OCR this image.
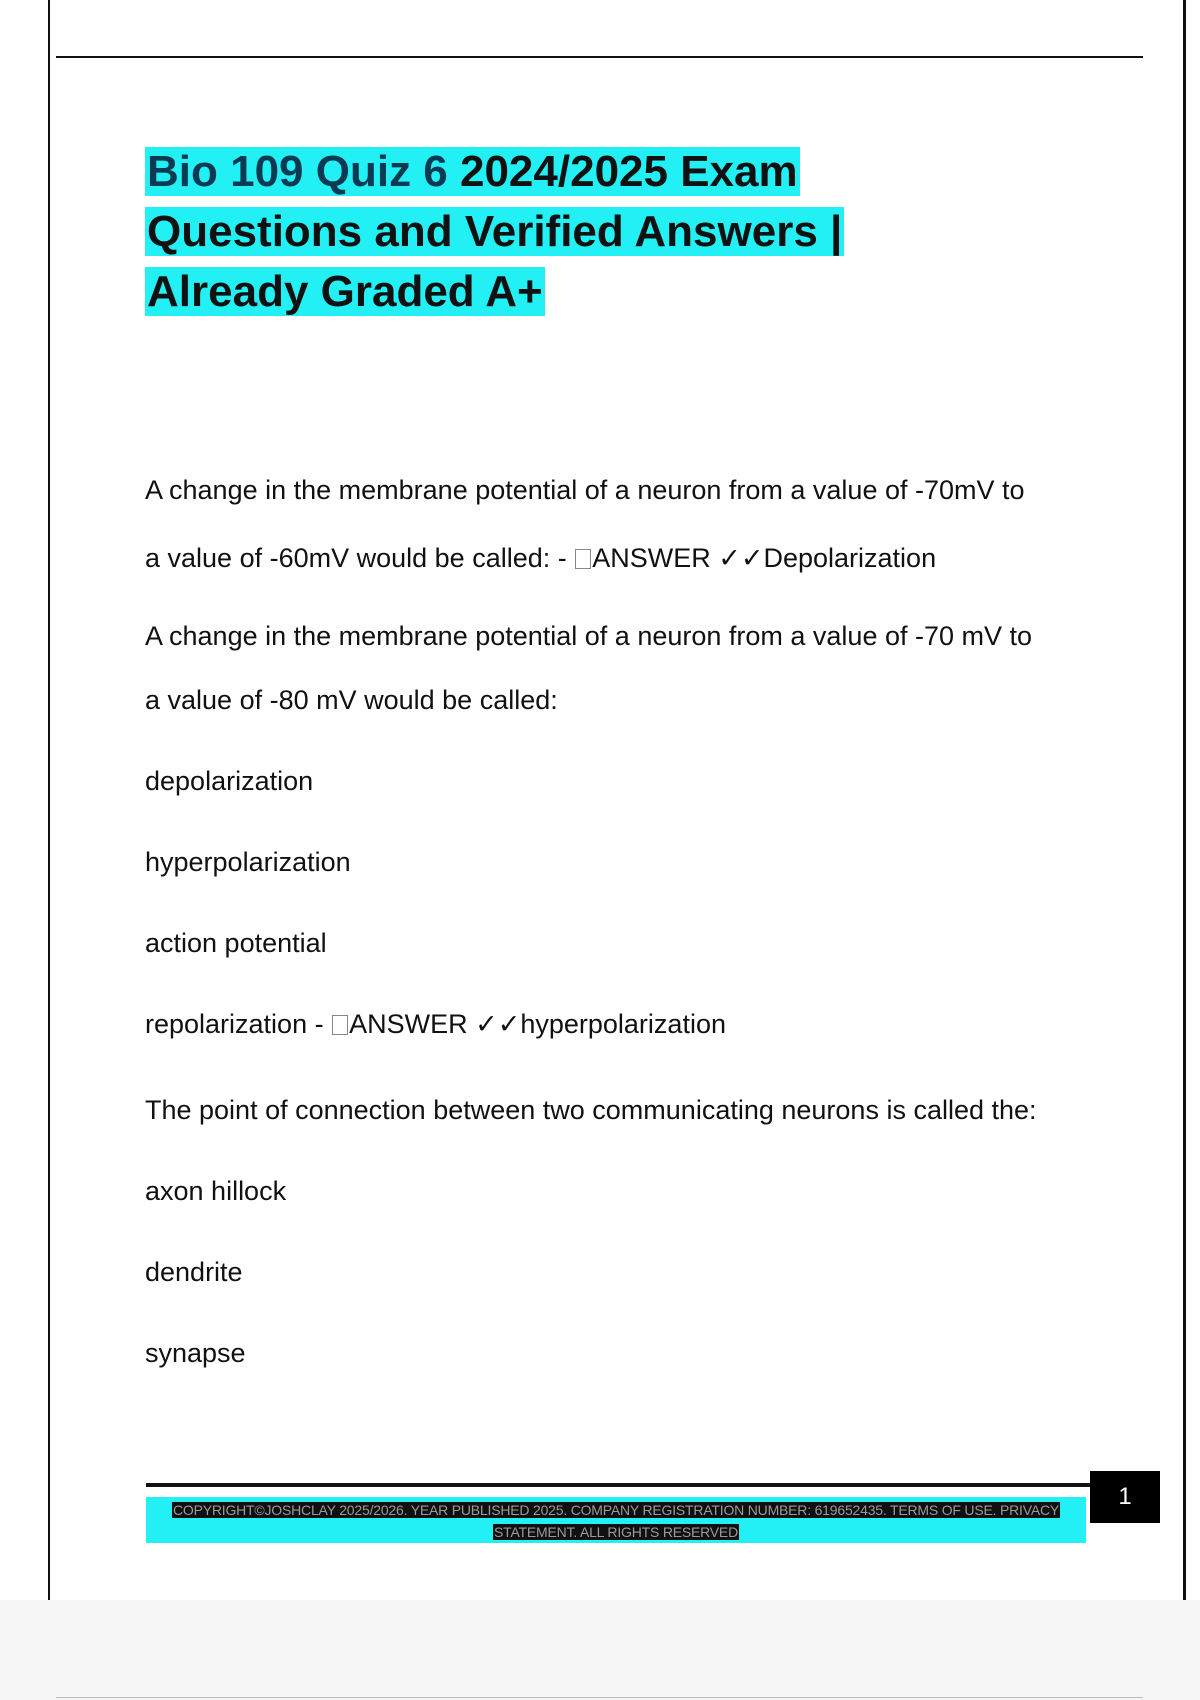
Bio 109 Quiz 6 2024/2025 Exam
Questions and Verified Answers |
Already Graded A+

A change in the membrane potential of a neuron from a value of -70mV to

a value of -60mV would be called: - ANSWER ✓✓Depolarization

A change in the membrane potential of a neuron from a value of -70 mV to

a value of -80 mV would be called:

depolarization

hyperpolarization

action potential

repolarization - ANSWER ✓✓hyperpolarization

The point of connection between two communicating neurons is called the:

axon hillock

dendrite

synapse

COPYRIGHT©JOSHCLAY 2025/2026. YEAR PUBLISHED 2025. COMPANY REGISTRATION NUMBER: 619652435. TERMS OF USE. PRIVACY
STATEMENT. ALL RIGHTS RESERVED
1
